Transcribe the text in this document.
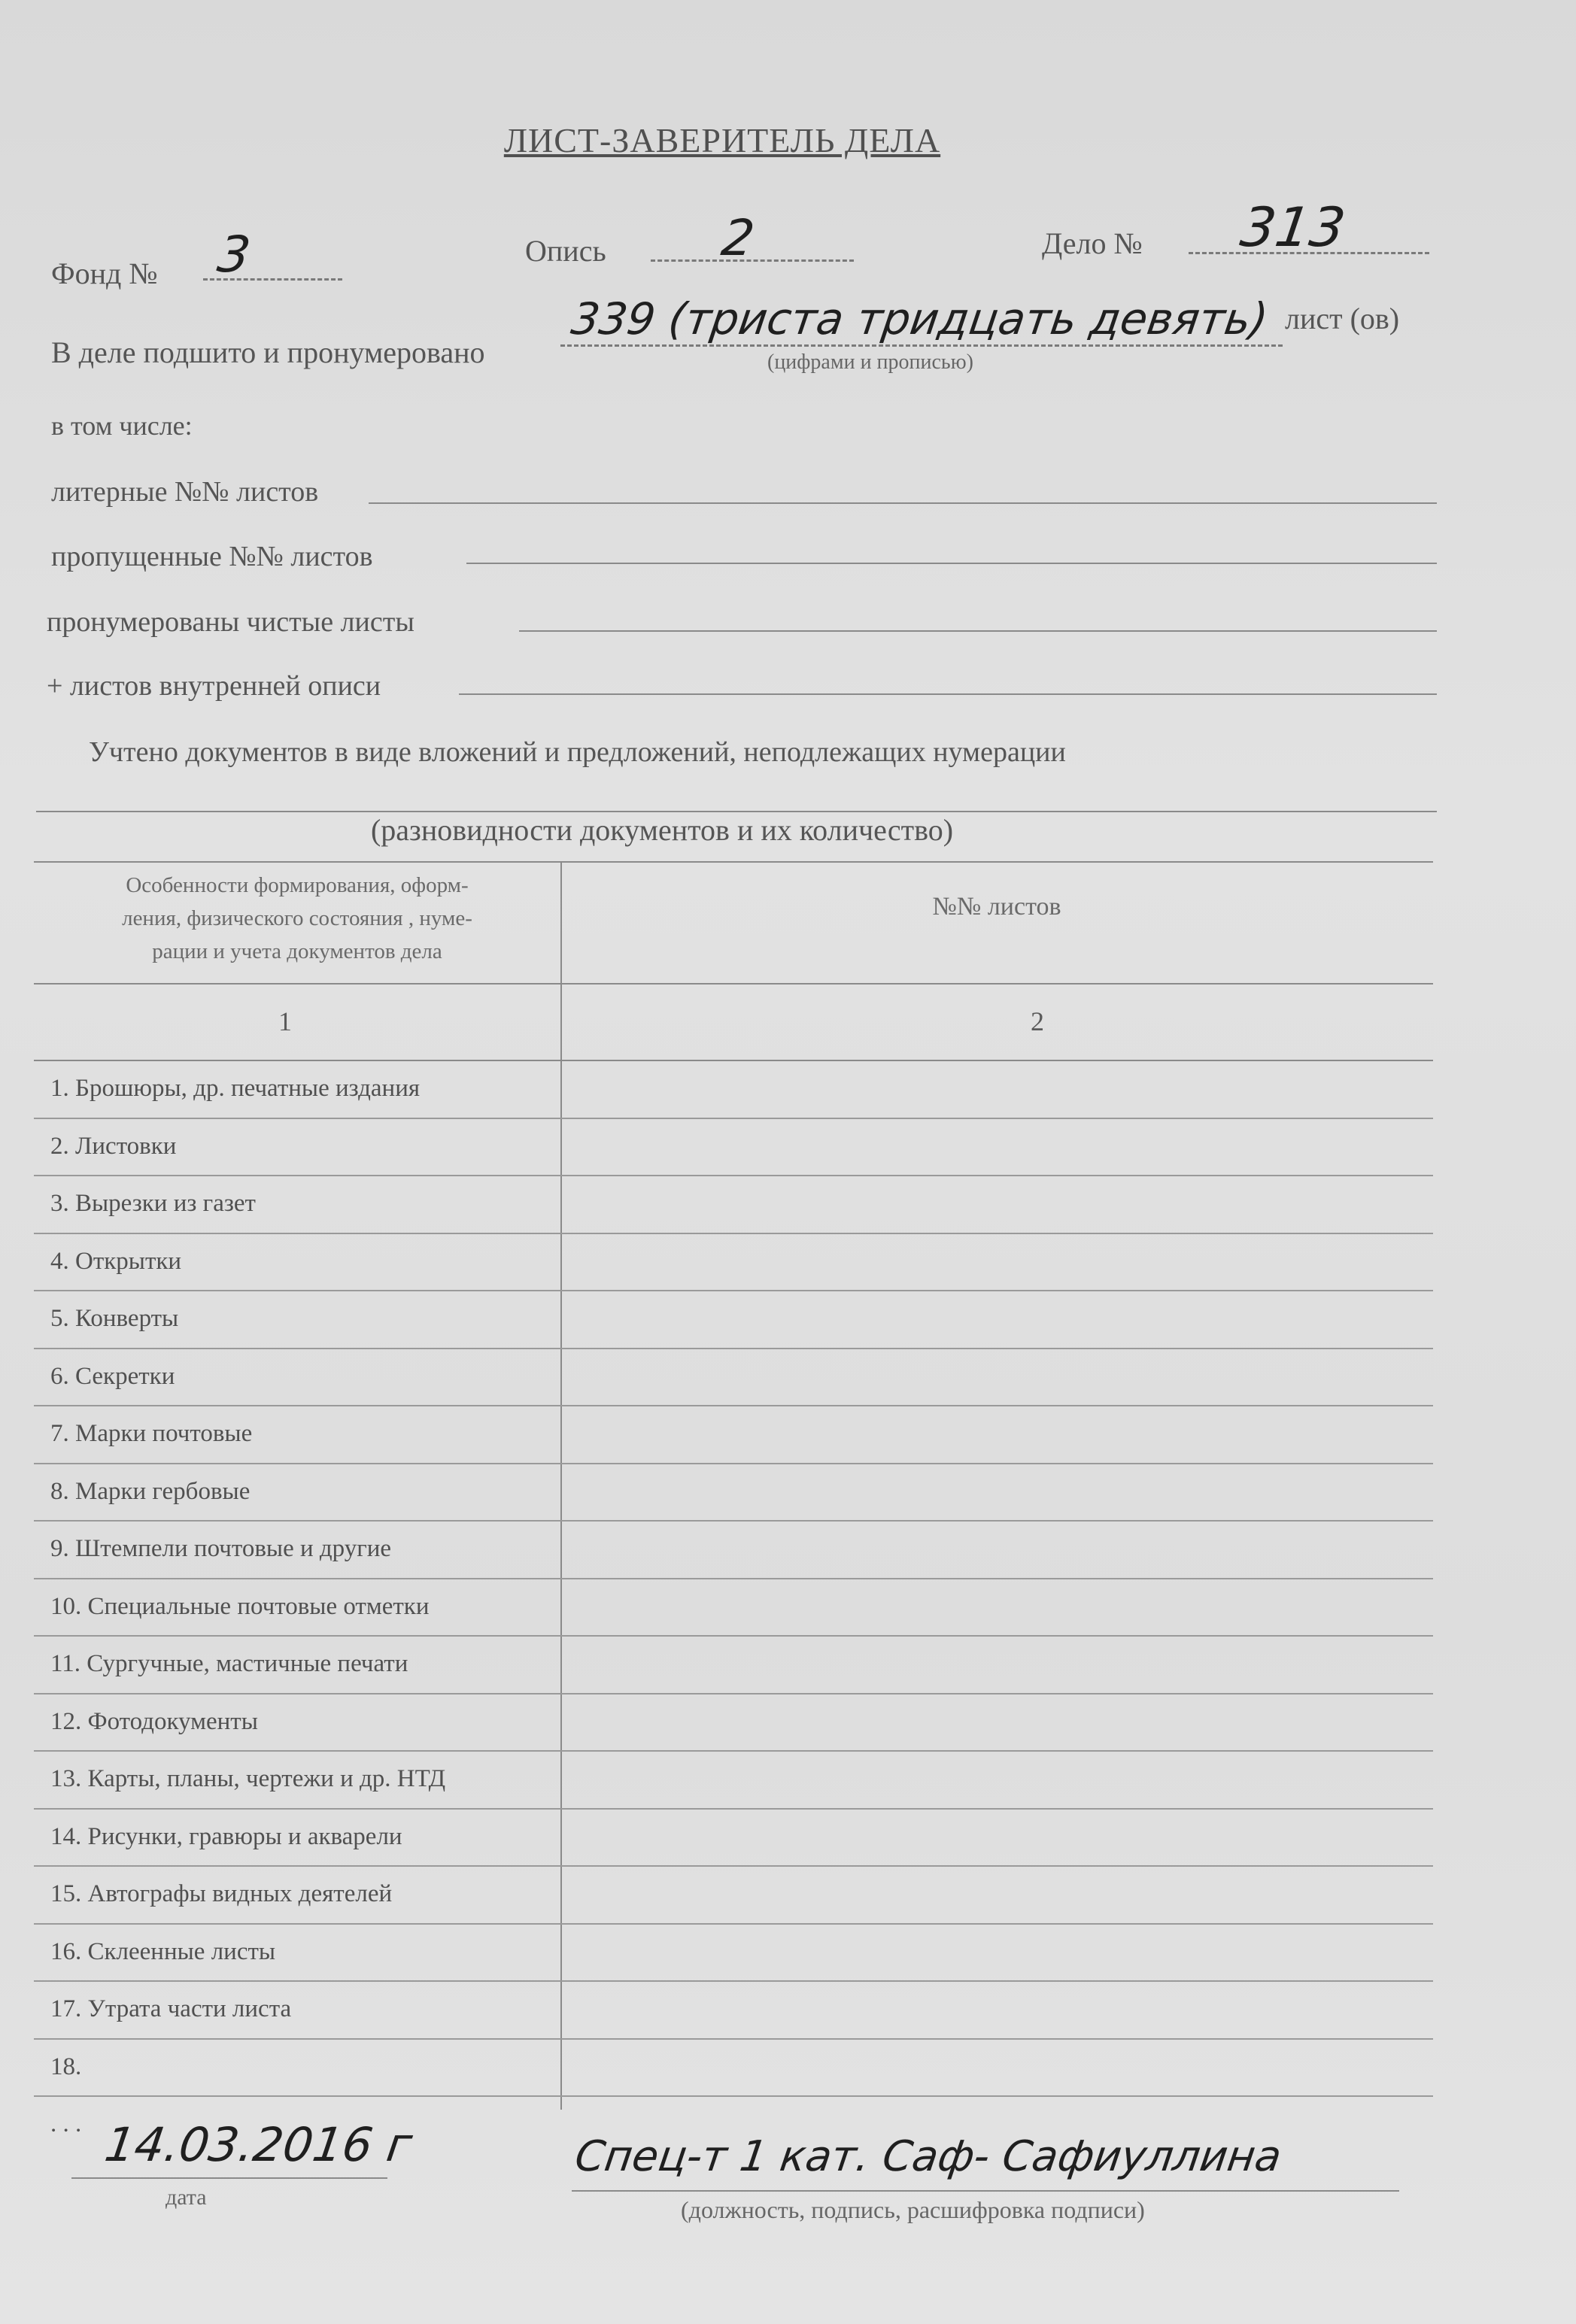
ЛИСТ-ЗАВЕРИТЕЛЬ ДЕЛА
Фонд № 3	Опись 2	Дело № 313
В деле подшито и пронумеровано
339 (триста тридцать девять) лист (ов)
(цифрами и прописью)
в том числе:
литерные №№ листов
пропущенные №№ листов
пронумерованы чистые листы
+ листов внутренней описи
Учтено документов в виде вложений и предложений, неподлежащих нумерации
(разновидности документов и их количество)
Особенности формирования, оформ-
ления, физического состояния , нуме-
рации и учета документов дела
№№ листов
1	2
1. Брошюры, др. печатные издания
2. Листовки
3. Вырезки из газет
4. Открытки
5. Конверты
6. Секретки
7. Марки почтовые
8. Марки гербовые
9. Штемпели почтовые и другие
10. Специальные почтовые отметки
11. Сургучные, мастичные печати
12. Фотодокументы
13. Карты, планы, чертежи и др. НТД
14. Рисунки, гравюры и акварели
15. Автографы видных деятелей
16. Склеенные листы
17. Утрата части листа
18.
. . . 14.03.2016 г
дата
Спец-т 1 кат. Саф- Сафиуллина
(должность, подпись, расшифровка подписи)
